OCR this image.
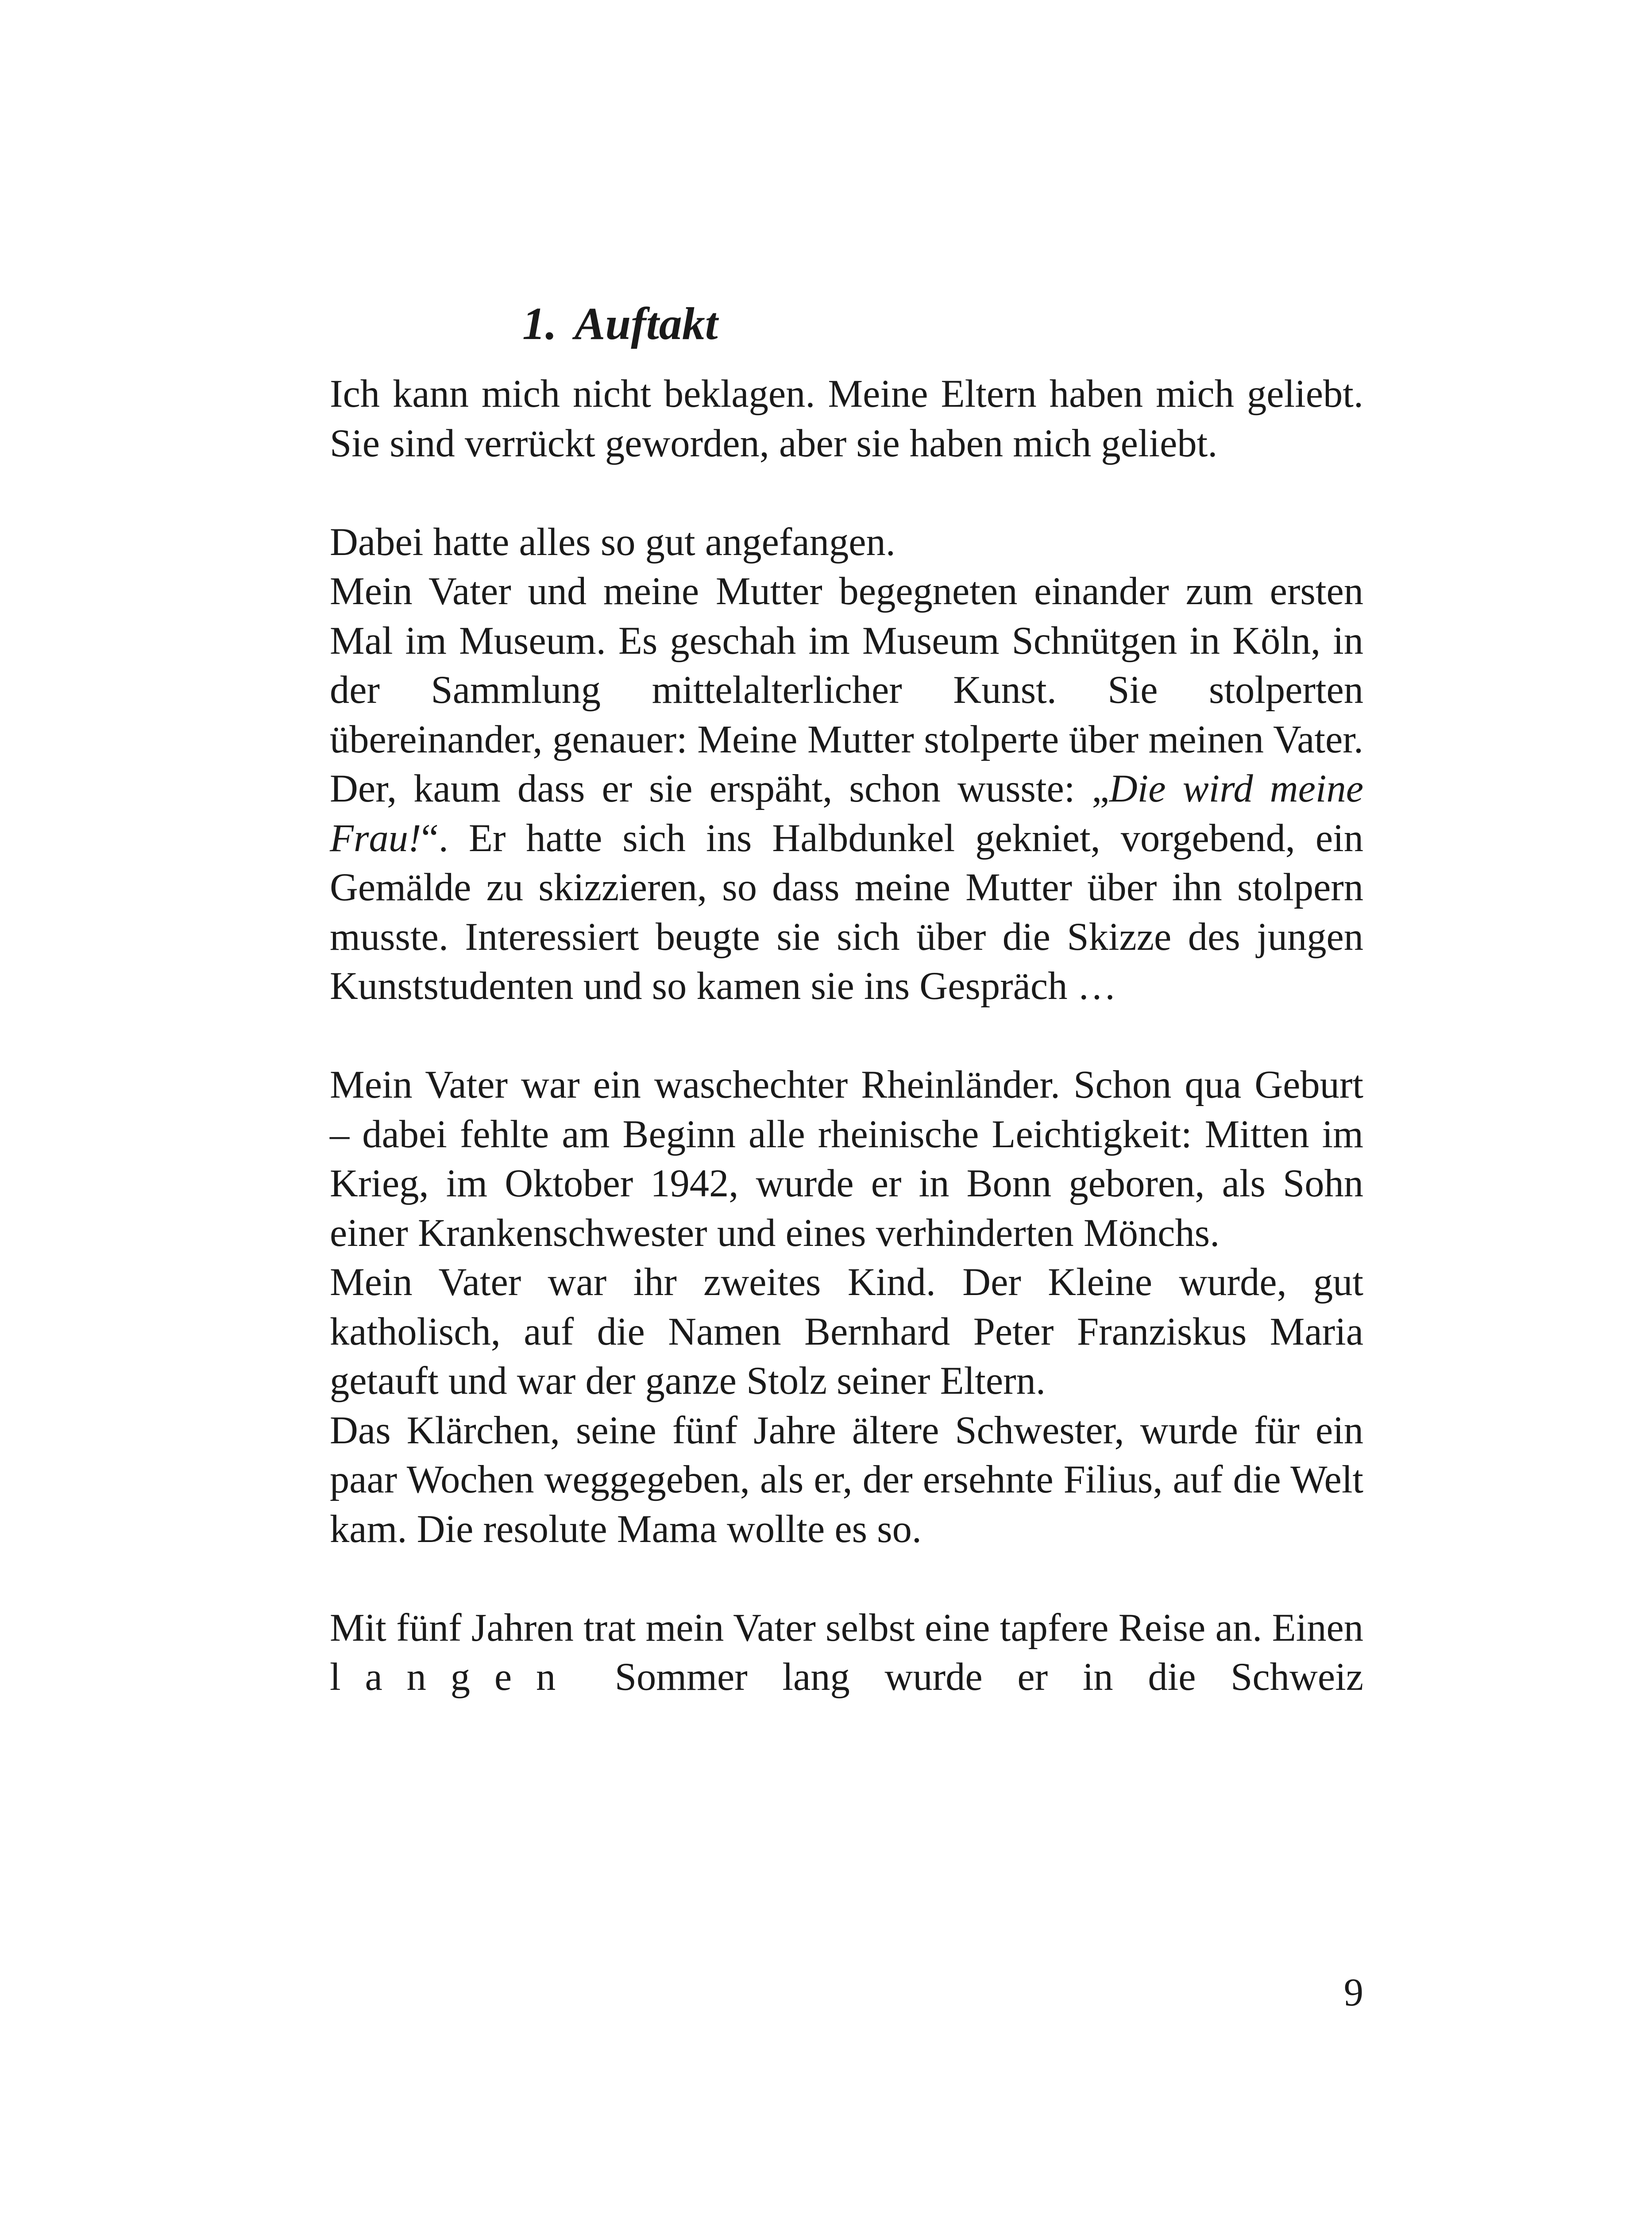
1. Auftakt

Ich kann mich nicht beklagen. Meine Eltern haben mich geliebt. Sie sind verrückt geworden, aber sie haben mich geliebt.

Dabei hatte alles so gut angefangen.

Mein Vater und meine Mutter begegneten einander zum ersten Mal im Museum. Es geschah im Museum Schnütgen in Köln, in der Sammlung mittelalterlicher Kunst. Sie stolperten übereinander, genauer: Meine Mutter stolperte über meinen Vater. Der, kaum dass er sie erspäht, schon wusste: „Die wird meine Frau!“. Er hatte sich ins Halbdunkel gekniet, vorgebend, ein Gemälde zu skizzieren, so dass meine Mutter über ihn stolpern musste. Interessiert beugte sie sich über die Skizze des jungen Kunststudenten und so kamen sie ins Gespräch …

Mein Vater war ein waschechter Rheinländer. Schon qua Geburt – dabei fehlte am Beginn alle rheinische Leichtigkeit: Mitten im Krieg, im Oktober 1942, wurde er in Bonn geboren, als Sohn einer Krankenschwester und eines verhinderten Mönchs.

Mein Vater war ihr zweites Kind. Der Kleine wurde, gut katholisch, auf die Namen Bernhard Peter Franziskus Maria getauft und war der ganze Stolz seiner Eltern.

Das Klärchen, seine fünf Jahre ältere Schwester, wurde für ein paar Wochen weggegeben, als er, der ersehnte Filius, auf die Welt kam. Die resolute Mama wollte es so.

Mit fünf Jahren trat mein Vater selbst eine tapfere Reise an. Einen langen Sommer lang wurde er in die Schweiz

9
